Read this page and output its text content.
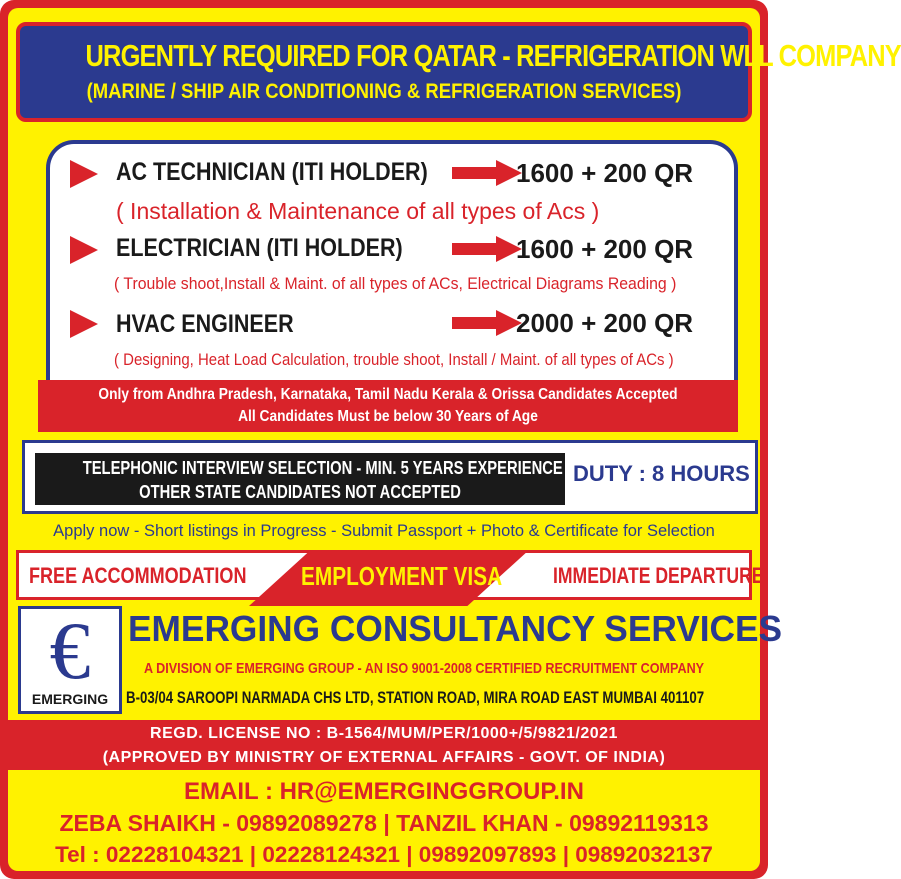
URGENTLY REQUIRED FOR QATAR - REFRIGERATION WLL COMPANY
(MARINE / SHIP AIR CONDITIONING & REFRIGERATION SERVICES)
AC TECHNICIAN (ITI HOLDER)	1600 + 200 QR
( Installation & Maintenance of all types of Acs )
ELECTRICIAN (ITI HOLDER)	1600 + 200 QR
( Trouble shoot,Install & Maint. of all types of ACs, Electrical Diagrams Reading )
HVAC ENGINEER	2000 + 200 QR
( Designing, Heat Load Calculation, trouble shoot, Install / Maint. of all types of ACs )
Only from Andhra Pradesh, Karnataka, Tamil Nadu Kerala & Orissa Candidates Accepted
All Candidates Must be below 30 Years of Age
TELEPHONIC INTERVIEW SELECTION - MIN. 5 YEARS EXPERIENCE
OTHER STATE CANDIDATES NOT ACCEPTED
DUTY : 8 HOURS
Apply now - Short listings in Progress - Submit Passport + Photo & Certificate for Selection
FREE ACCOMMODATION EMPLOYMENT VISA IMMEDIATE DEPARTURE
€
EMERGING
EMERGING CONSULTANCY SERVICES
A DIVISION OF EMERGING GROUP - AN ISO 9001-2008 CERTIFIED RECRUITMENT COMPANY
B-03/04 SAROOPI NARMADA CHS LTD, STATION ROAD, MIRA ROAD EAST MUMBAI 401107
REGD. LICENSE NO : B-1564/MUM/PER/1000+/5/9821/2021
(APPROVED BY MINISTRY OF EXTERNAL AFFAIRS - GOVT. OF INDIA)
EMAIL : HR@EMERGINGGROUP.IN
ZEBA SHAIKH - 09892089278 | TANZIL KHAN - 09892119313
Tel : 02228104321 | 02228124321 | 09892097893 | 09892032137
